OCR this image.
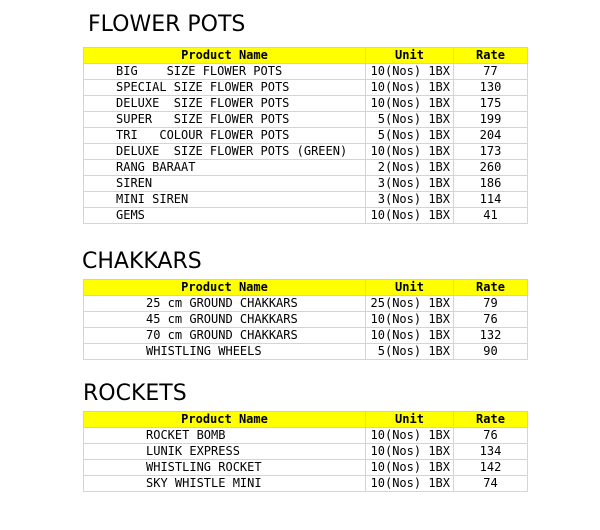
FLOWER POTS
Product Name	Unit	Rate
BIG    SIZE FLOWER POTS	10(Nos) 1BX	77
SPECIAL SIZE FLOWER POTS	10(Nos) 1BX	130
DELUXE  SIZE FLOWER POTS	10(Nos) 1BX	175
SUPER   SIZE FLOWER POTS	5(Nos) 1BX	199
TRI   COLOUR FLOWER POTS	5(Nos) 1BX	204
DELUXE  SIZE FLOWER POTS (GREEN)	10(Nos) 1BX	173
RANG BARAAT	2(Nos) 1BX	260
SIREN	3(Nos) 1BX	186
MINI SIREN	3(Nos) 1BX	114
GEMS	10(Nos) 1BX	41
CHAKKARS
Product Name	Unit	Rate
25 cm GROUND CHAKKARS	25(Nos) 1BX	79
45 cm GROUND CHAKKARS	10(Nos) 1BX	76
70 cm GROUND CHAKKARS	10(Nos) 1BX	132
WHISTLING WHEELS	5(Nos) 1BX	90
ROCKETS
Product Name	Unit	Rate
ROCKET BOMB	10(Nos) 1BX	76
LUNIK EXPRESS	10(Nos) 1BX	134
WHISTLING ROCKET	10(Nos) 1BX	142
SKY WHISTLE MINI	10(Nos) 1BX	74
